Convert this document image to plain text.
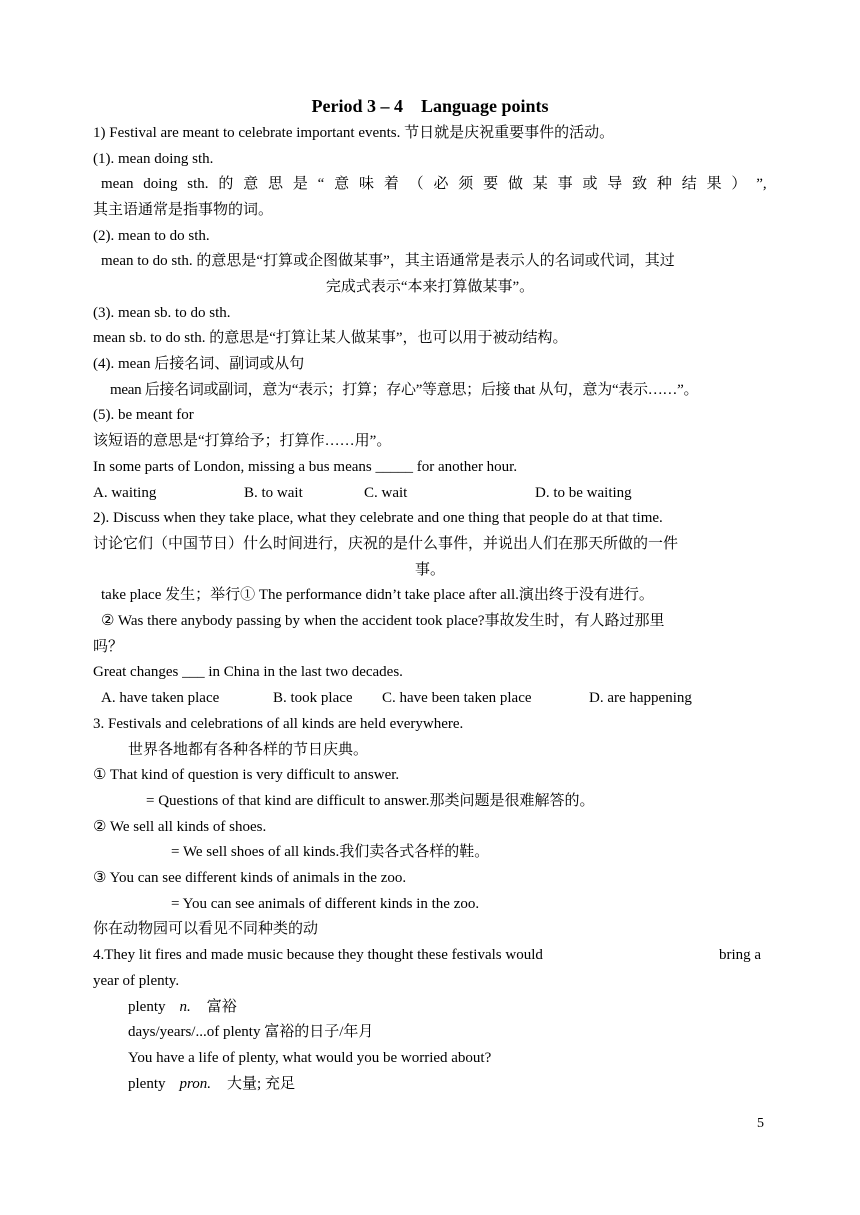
Period 3 – 4    Language points
1) Festival are meant to celebrate important events. 节日就是庆祝重要事件的活动。
(1). mean doing sth.
mean doing sth. 的 意 思 是 “ 意 味 着 （ 必 须 要 做 某 事 或 导 致 种 结 果 ） ”,
其主语通常是指事物的词。
(2). mean to do sth.
mean to do sth. 的意思是“打算或企图做某事”，其主语通常是表示人的名词或代词，其过
完成式表示“本来打算做某事”。
(3). mean sb. to do sth.
mean sb. to do sth. 的意思是“打算让某人做某事”，也可以用于被动结构。
(4). mean 后接名词、副词或从句
mean 后接名词或副词，意为“表示；打算；存心”等意思；后接 that 从句，意为“表示……”。
(5). be meant for
该短语的意思是“打算给予；打算作……用”。
In some parts of London, missing a bus means _____ for another hour.
A. waiting	B. to wait	C. wait	D. to be waiting
2). Discuss when they take place, what they celebrate and one thing that people do at that time.
讨论它们（中国节日）什么时间进行，庆祝的是什么事件，并说出人们在那天所做的一件
事。
take place 发生；举行① The performance didn’t take place after all.演出终于没有进行。
② Was there anybody passing by when the accident took place?事故发生时，有人路过那里
吗？
Great changes ___ in China in the last two decades.
A. have taken place	B. took place C. have been taken place	D. are happening
3. Festivals and celebrations of all kinds are held everywhere.
世界各地都有各种各样的节日庆典。
① That kind of question is very difficult to answer.
= Questions of that kind are difficult to answer.那类问题是很难解答的。
② We sell all kinds of shoes.
= We sell shoes of all kinds.我们卖各式各样的鞋。
③ You can see different kinds of animals in the zoo.
= You can see animals of different kinds in the zoo.
你在动物园可以看见不同种类的动
4.They lit fires and made music because they thought these festivals would	bring a
year of plenty.
plenty n. 富裕
days/years/...of plenty 富裕的日子/年月
You have a life of plenty, what would you be worried about?
plenty pron. 大量; 充足
5
